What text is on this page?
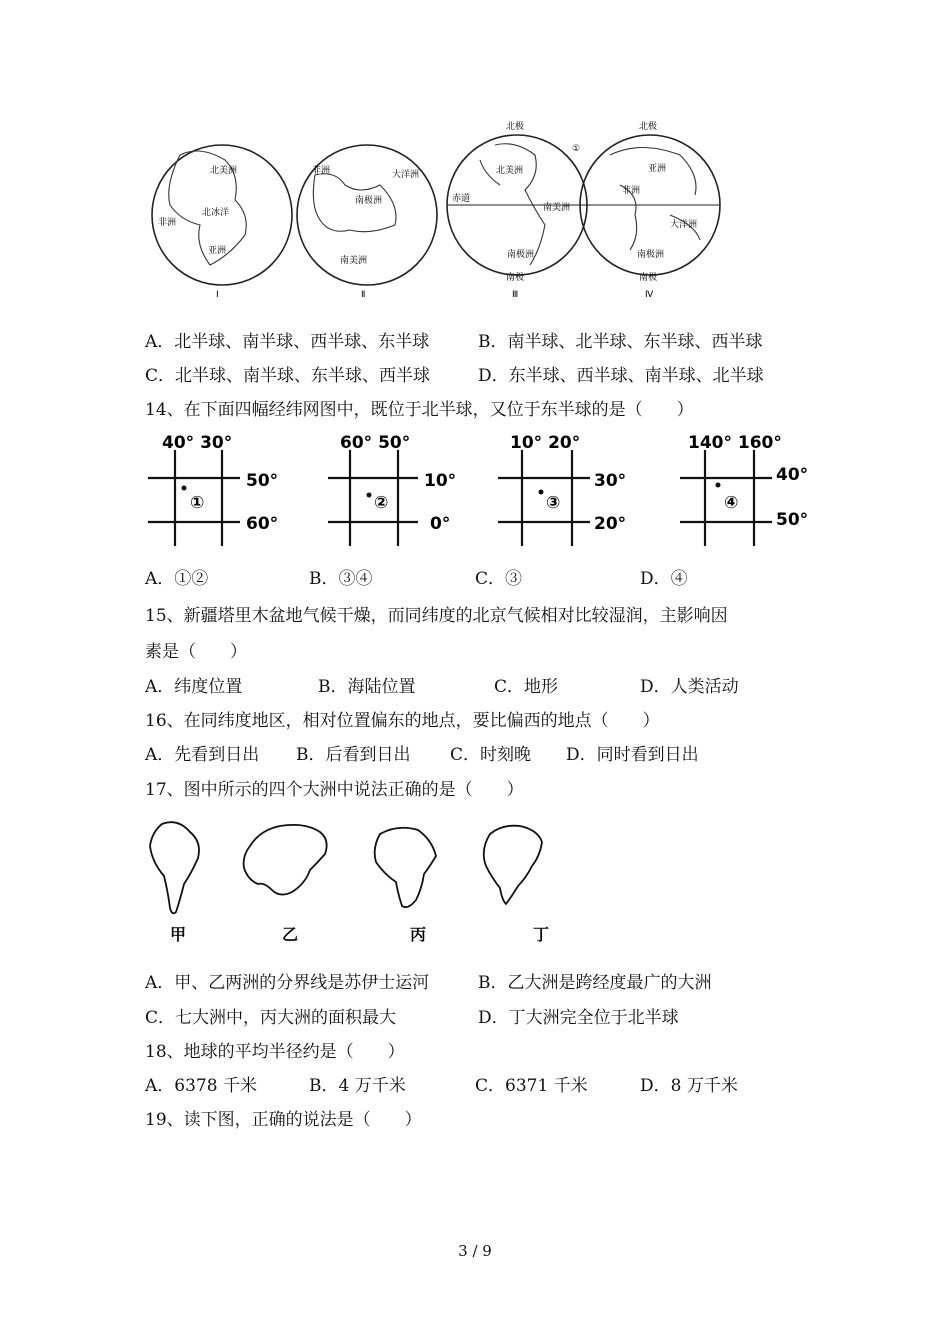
北美洲
北冰洋
非洲
亚洲
Ⅰ
非洲	大洋洲
南极洲
南美洲
Ⅱ
北极
北美洲
赤道
南美洲
南极洲
南极
Ⅲ
①
北极
亚洲
非洲
大洋洲
南极洲
南极
Ⅳ
A．北半球、南半球、西半球、东半球	B．南半球、北半球、东半球、西半球
C．北半球、南半球、东半球、西半球	D．东半球、西半球、南半球、北半球
14、在下面四幅经纬网图中，既位于北半球，又位于东半球的是（　　）
40° 30°
50°
60°
①
60° 50°
10°
0°
②
10° 20°
30°
20°
③
140° 160°
40°
50°
④
A．①②	B．③④	C．③	D．④
15、新疆塔里木盆地气候干燥，而同纬度的北京气候相对比较湿润，主影响因
素是（　　）
A．纬度位置	B．海陆位置	C．地形	D．人类活动
16、在同纬度地区，相对位置偏东的地点，要比偏西的地点（　　）
A．先看到日出 B．后看到日出 C．时刻晚 D．同时看到日出
17、图中所示的四个大洲中说法正确的是（　　）
甲	乙	丙	丁
A．甲、乙两洲的分界线是苏伊士运河	B．乙大洲是跨经度最广的大洲
C．七大洲中，丙大洲的面积最大	D．丁大洲完全位于北半球
18、地球的平均半径约是（　　）
A．6378 千米	B．4 万千米	C．6371 千米	D．8 万千米
19、读下图，正确的说法是（　　）
3 / 9
